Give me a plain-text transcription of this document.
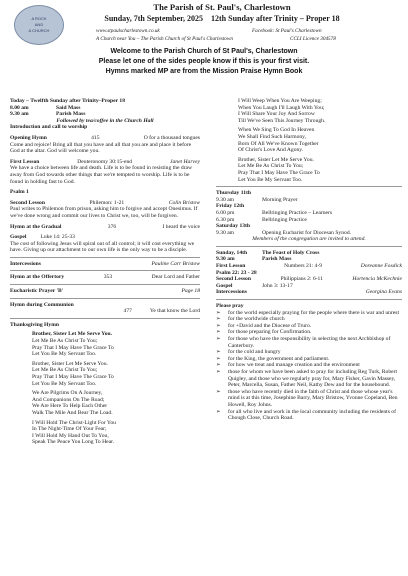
A ROCK
AND
A CHURCH
The Parish of St. Paul's, Charlestown
Sunday, 7th September, 2025 12th Sunday after Trinity – Proper 18
www.stpaulscharlestown.co.uk	Facebook: St Paul's Charlestown
A Church near You – The Parish Church of St Paul's Charlestown	CCLI Licence 304578
Welcome to the Parish Church of St Paul's, Charlestown
Please let one of the sides people know if this is your first visit.
Hymns marked MP are from the Mission Praise Hymn Book
Today – Twelfth Sunday after Trinity–Proper 18
8.00 am	Said Mass
9.30 am	Parish Mass
Followed by tea/coffee in the Church Hall
Introduction and call to worship
Opening Hymn	415	O for a thousand tongues
Come and rejoice! Bring all that you have and all that you are and place it before God at the altar. God will welcome you.
First Lesson	Deuteronomy 30:15-end	Janet Harvey
We have a choice between life and death. Life is to be found in resisting the draw away from God towards other things that we're tempted to worship. Life is to be found in holding fast to God.
Psalm 1
Second Lesson	Philemon: 1-21	Colin Bristow
Paul writes to Philemon from prison, asking him to forgive and accept Onesimus. If we've done wrong and commit our lives to Christ we, too, will be forgiven.
Hymn at the Gradual	376	I heard the voice
Gospel Luke 14: 25-33
The cost of following Jesus will spiral out of all control; it will cost everything we have. Giving up our attachment to our own life is the only way to be a disciple.
Intercessions	Pauline Carr Bristow
Hymn at the Offertory	353	Dear Lord and Father
Eucharistic Prayer 'B'	Page 18
Hymn during Communion
477	Ye that know the Lord
Thanksgiving Hymn
Brother, Sister Let Me Serve You.
Let Me Be As Christ To You;
Pray That I May Have The Grace To
Let You Be My Servant Too.
Brother, Sister Let Me Serve You.
Let Me Be As Christ To You;
Pray That I May Have The Grace To
Let You Be My Servant Too.
We Are Pilgrims On A Journey,
And Companions On The Road;
We Are Here To Help Each Other
Walk The Mile And Bear The Load.
I Will Hold The Christ-Light For You
In The Night-Time Of Your Fear;
I Will Hold My Hand Out To You,
Speak The Peace You Long To Hear.
I Will Weep When You Are Weeping;
When You Laugh I'll Laugh With You;
I Will Share Your Joy And Sorrow
Till We've Seen This Journey Through.
When We Sing To God In Heaven
We Shall Find Such Harmony,
Born Of All We've Known Together
Of Christ's Love And Agony.
Brother, Sister Let Me Serve You.
Let Me Be As Christ To You;
Pray That I May Have The Grace To
Let You Be My Servant Too.
Thursday 11th
9.30 am	Morning Prayer
Friday 12th
6.00 pm	Bellringing Practice – Learners
6.30 pm	Bellringing Practice
Saturday 13th
9.30 am	Opening Eucharist for Diocesan Synod.
Members of the congregation are invited to attend.
Sunday, 14th	The Feast of Holy Cross
9.30 am	Parish Mass
First Lesson	Numbers 21: 4-9	Doreanne Fosdick
Psalm 22: 23 - 28
Second Lesson	Philippians 2: 6-11	Hortencia McKechnie
Gospel	John 3: 13-17
Intercessions	Georgina Evans
Please pray
➢	for the world especially praying for the people where there is war and unrest
➢	for the worldwide church
➢	for +David and the Diocese of Truro.
➢	for those preparing for Confirmation.
➢	for those who have the responsibility in selecting the next Archbishop of Canterbury.
➢	for the cold and hungry
➢	for the King, the government and parliament.
➢	for how we treat and manage creation and the environment
➢	those for whom we have been asked to pray for including Reg Turk, Robert Quigley, and those who we regularly pray for, Mary Fisher, Gavin Massey, Peter, Marcella, Susan, Father Neil, Kathy Dew and for the housebound.
➢	those who have recently died in the faith of Christ and those whose year's mind is at this time, Josephine Barry, Mary Bristow, Yvonne Copeland, Ben Howell, Roy Johns.
➢	for all who live and work in the local community including the residents of Chough Close, Church Road.
